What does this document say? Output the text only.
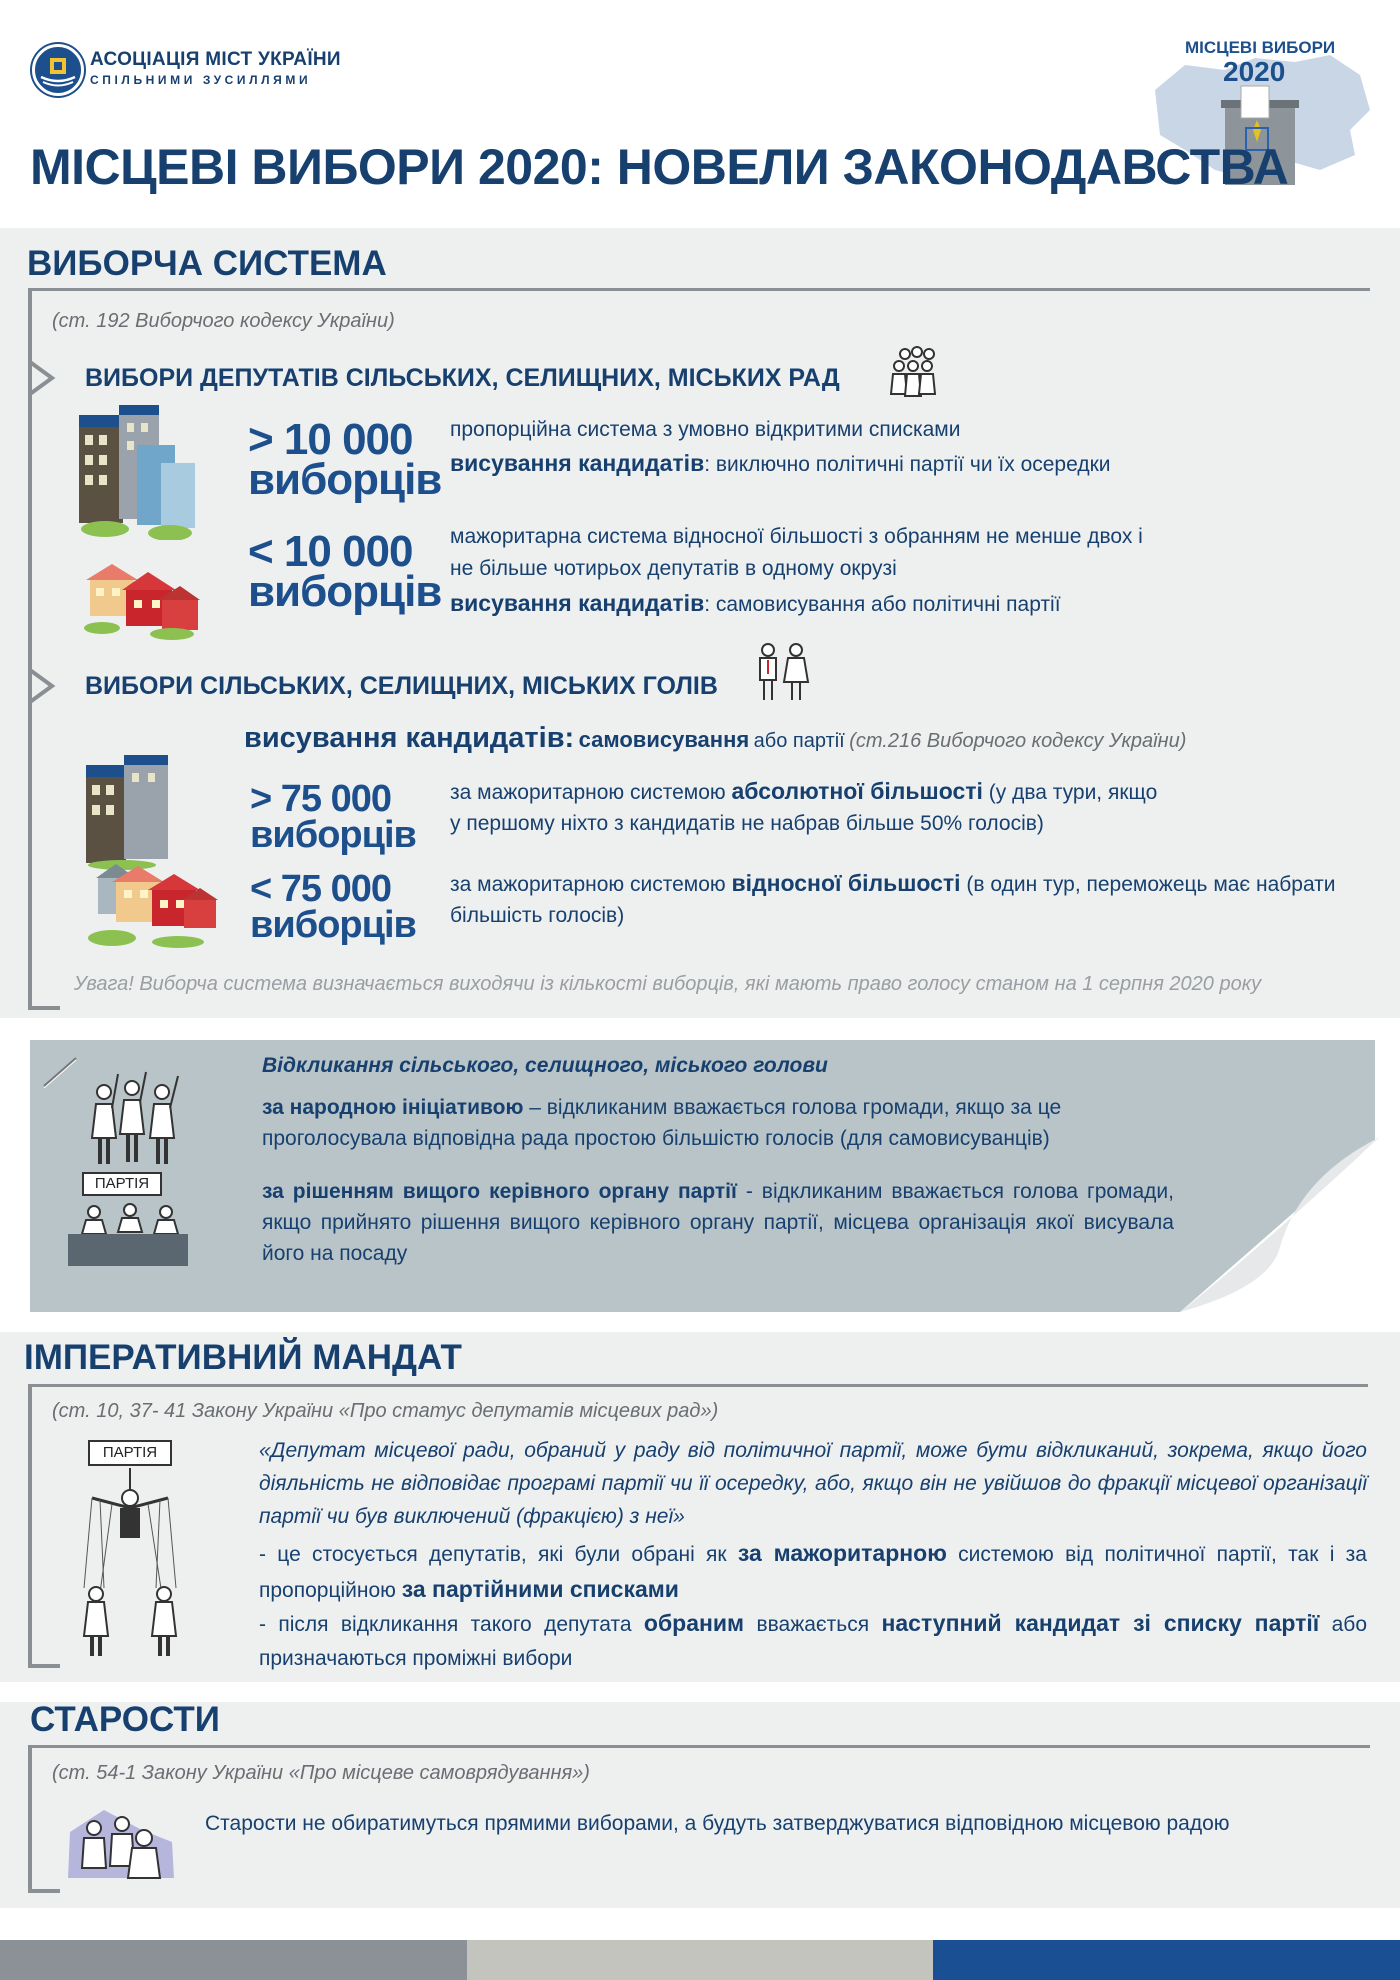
АСОЦІАЦІЯ МІСТ УКРАЇНИ
СПІЛЬНИМИ ЗУСИЛЛЯМИ
МІСЦЕВІ ВИБОРИ
2020
МІСЦЕВІ ВИБОРИ 2020: НОВЕЛИ ЗАКОНОДАВСТВА
ВИБОРЧА СИСТЕМА
(ст. 192 Виборчого кодексу України)
ВИБОРИ ДЕПУТАТІВ СІЛЬСЬКИХ, СЕЛИЩНИХ, МІСЬКИХ РАД
> 10 000
виборців
пропорційна система з умовно відкритими списками
висування кандидатів: виключно політичні партії чи їх осередки
< 10 000
виборців
мажоритарна система відносної більшості з обранням не менше двох і
не більше чотирьох депутатів в одному окрузі
висування кандидатів: самовисування або політичні партії
ВИБОРИ СІЛЬСЬКИХ, СЕЛИЩНИХ, МІСЬКИХ ГОЛІВ
висування кандидатів: самовисування або партії (ст.216 Виборчого кодексу України)
> 75 000
виборців
за мажоритарною системою абсолютної більшості (у два тури, якщо
у першому ніхто з кандидатів не набрав більше 50% голосів)
< 75 000
виборців
за мажоритарною системою відносної більшості (в один тур, переможець має набрати
більшість голосів)
Увага! Виборча система визначається виходячи із кількості виборців, які мають право голосу станом на 1 серпня 2020 року
ПАРТІЯ
Відкликання сільського, селищного, міського голови
за народною ініціативою – відкликаним вважається голова громади, якщо за це проголосувала відповідна рада простою більшістю голосів (для самовисуванців)
за рішенням вищого керівного органу партії - відкликаним вважається голова громади, якщо прийнято рішення вищого керівного органу партії, місцева організація якої висувала його на посаду
ІМПЕРАТИВНИЙ МАНДАТ
(ст. 10, 37- 41 Закону України «Про статус депутатів місцевих рад»)
ПАРТІЯ	«Депутат місцевої ради, обраний у раду від політичної партії, може бути відкликаний, зокрема, якщо його діяльність не відповідає програмі партії чи її осередку, або, якщо він не увійшов до фракції місцевої організації партії чи був виключений (фракцією) з неї»
- це стосується депутатів, які були обрані як за мажоритарною системою від політичної партії, так і за пропорційною за партійними списками
- після відкликання такого депутата обраним вважається наступний кандидат зі списку партії або призначаються проміжні вибори
СТАРОСТИ
(ст. 54-1 Закону України «Про місцеве самоврядування»)
Старости не обиратимуться прямими виборами, а будуть затверджуватися відповідною місцевою радою
